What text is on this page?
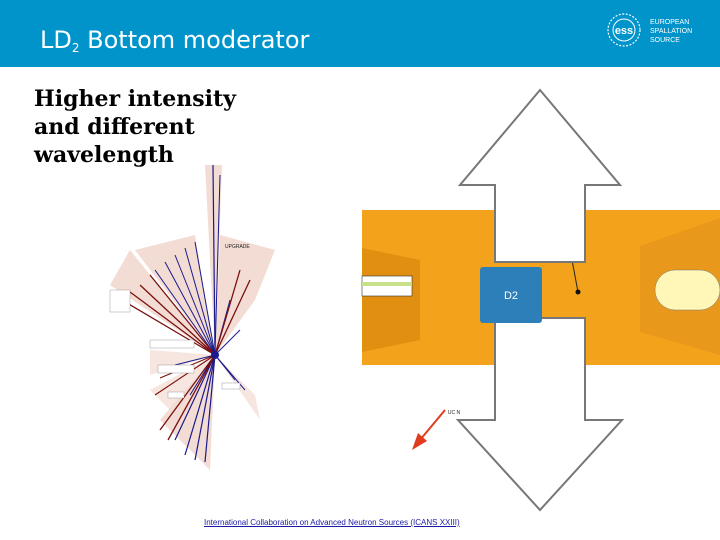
$LD_2$ Bottom moderator	ess
EUROPEAN
SPALLATION
SOURCE
Higher intensity and different wavelength
D2
UC N
UPGRADE
International Collaboration on Advanced Neutron Sources (ICANS XXIII)
